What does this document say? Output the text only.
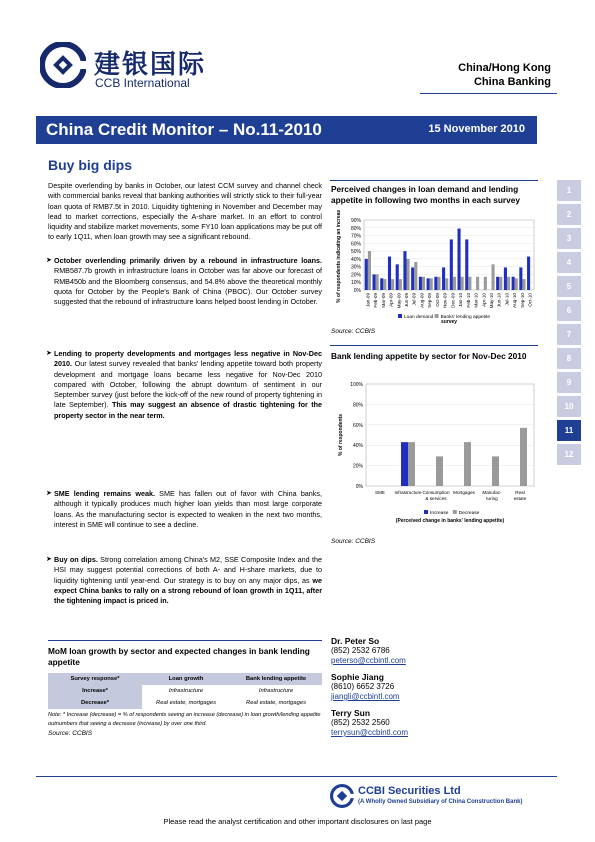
建银国际
CCB International
China/Hong Kong
China Banking
China Credit Monitor – No.11-2010	15 November 2010
Buy big dips
Despite overlending by banks in October, our latest CCM survey and channel check with commercial banks reveal that banking authorities will strictly stick to their full-year loan quota of RMB7.5t in 2010. Liquidity tightening in November and December may lead to market corrections, especially the A-share market. In an effort to control liquidity and stabilize market movements, some FY10 loan applications may be put off to early 1Q11, when loan growth may see a significant rebound.
➤ October overlending primarily driven by a rebound in infrastructure loans. RMB587.7b growth in infrastructure loans in October was far above our forecast of RMB450b and the Bloomberg consensus, and 54.8% above the theoretical monthly quota for October by the People's Bank of China (PBOC). Our October survey suggested that the rebound of infrastructure loans helped boost lending in October.
➤ Lending to property developments and mortgages less negative in Nov-Dec 2010. Our latest survey revealed that banks' lending appetite toward both property development and mortgage loans became less negative for Nov-Dec 2010 compared with October, following the abrupt downturn of sentiment in our September survey (just before the kick-off of the new round of property tightening in late September). This may suggest an absence of drastic tightening for the property sector in the near term.
➤ SME lending remains weak. SME has fallen out of favor with China banks, although it typically produces much higher loan yields than most large corporate loans. As the manufacturing sector is expected to weaken in the next two months, interest in SME will continue to see a decline.
➤ Buy on dips. Strong correlation among China's M2, SSE Composite Index and the HSI may suggest potential corrections of both A- and H-share markets, due to liquidity tightening until year-end. Our strategy is to buy on any major dips, as we expect China banks to rally on a strong rebound of loan growth in 1Q11, after the tightening impact is priced in.
MoM loan growth by sector and expected changes in bank lending appetite
Survey response*	Loan growth	Bank lending appetite
Increase*	Infrastructure	Infrastructure
Decrease*	Real estate, mortgages	Real estate, mortgages
Note: * Increase (decrease) = % of respondents seeing an increase (decrease) in loan growth/lending appetite outnumbers that seeing a decrease (increase) by over one third.
Source: CCBIS
Perceived changes in loan demand and lending appetite in following two months in each survey
0%
10%
20%
30%
40%
50%
60%
70%
80%
90%
% of respondents indicating an increase	Jan-09 Feb-09 Mar-09 Apr-09 May-09 Jun-09 Jul-09 Aug-09 Sep-09 Oct-09 Nov-09 Dec-09 Jan-10 Feb-10 Mar-10 Apr-10 May-10 Jun-10 Jul-10 Aug-10 Sep-10 Oct-10
survey
Loan demand Banks' lending appetite
Source: CCBIS
Bank lending appetite by sector for Nov-Dec 2010
0%
20%
40%
60%
80%
100%
% of respondents
SME Infrastructure Consumption
& services
Mortgages Manufac-
turing
Real
estate
(Perceived change in banks' lending appetite)
Increase Decrease
Source: CCBIS
1
2
3
4
5
6
7
8
9
10
11
12
Dr. Peter So
(852) 2532 6786
peterso@ccbintl.com
Sophie Jiang
(8610) 6652 3726
jiangli@ccbintl.com
Terry Sun
(852) 2532 2560
terrysun@ccbintl.com
CCBI Securities Ltd
(A Wholly Owned Subsidiary of China Construction Bank)
Please read the analyst certification and other important disclosures on last page
